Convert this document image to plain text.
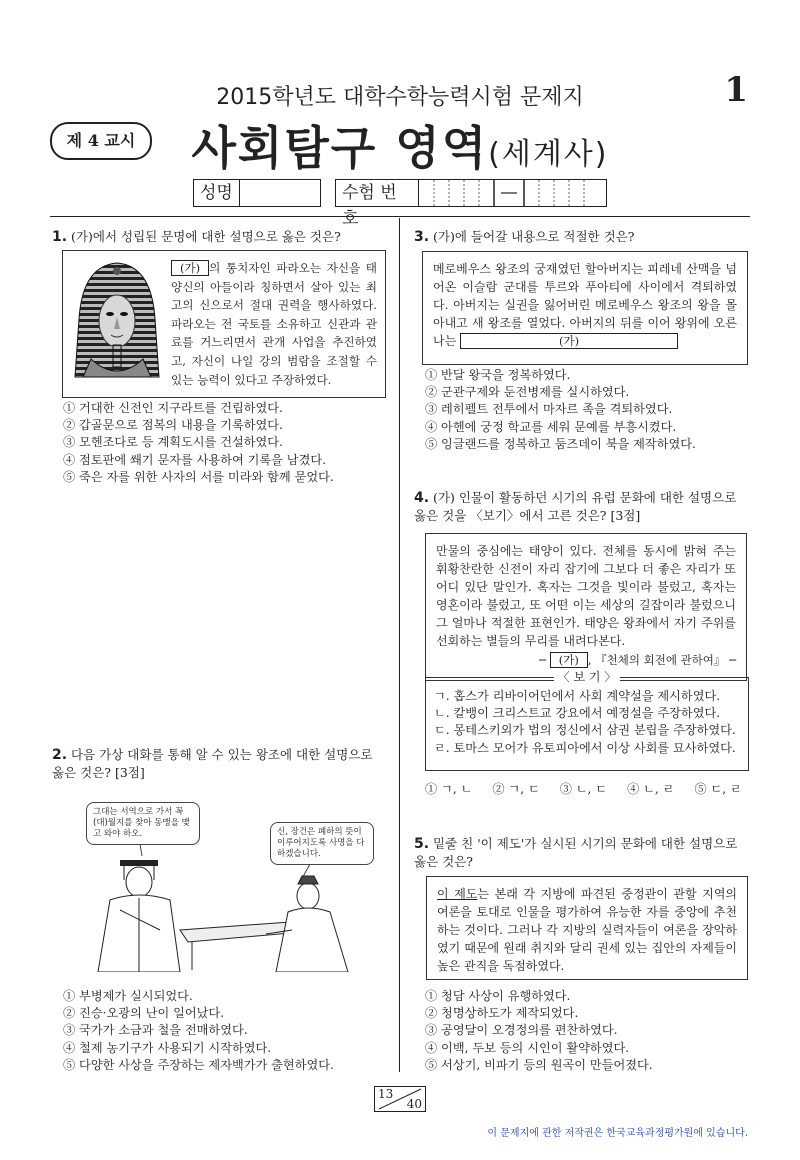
2015학년도 대학수학능력시험 문제지	1
제 4 교시	사회탐구 영역(세계사)
성명	수험 번호
1. (가)에서 성립된 문명에 대한 설명으로 옳은 것은?
(가) 의 통치자인 파라오는 자신을 태양신의 아들이라 칭하면서 살아 있는 최고의 신으로서 절대 권력을 행사하였다. 파라오는 전 국토를 소유하고 신관과 관료를 거느리면서 관개 사업을 추진하였고, 자신이 나일 강의 범람을 조절할 수 있는 능력이 있다고 주장하였다.
① 거대한 신전인 지구라트를 건립하였다.
② 갑골문으로 점복의 내용을 기록하였다.
③ 모헨조다로 등 계획도시를 건설하였다.
④ 점토판에 쐐기 문자를 사용하여 기록을 남겼다.
⑤ 죽은 자를 위한 사자의 서를 미라와 함께 묻었다.
2. 다음 가상 대화를 통해 알 수 있는 왕조에 대한 설명으로 옳은 것은? [3점]
그대는 서역으로 가서 꼭 (대)월지를 찾아 동맹을 맺고 와야 하오.	신, 장건은 폐하의 뜻이 이루어지도록 사명을 다하겠습니다.
① 부병제가 실시되었다.
② 진승·오광의 난이 일어났다.
③ 국가가 소금과 철을 전매하였다.
④ 철제 농기구가 사용되기 시작하였다.
⑤ 다양한 사상을 주장하는 제자백가가 출현하였다.
3. (가)에 들어갈 내용으로 적절한 것은?
메로베우스 왕조의 궁재였던 할아버지는 피레네 산맥을 넘어온 이슬람 군대를 투르와 푸아티에 사이에서 격퇴하였다. 아버지는 실권을 잃어버린 메로베우스 왕조의 왕을 몰아내고 새 왕조를 열었다. 아버지의 뒤를 이어 왕위에 오른 나는	(가)
① 반달 왕국을 정복하였다.
② 군관구제와 둔전병제를 실시하였다.
③ 레히펠트 전투에서 마자르 족을 격퇴하였다.
④ 아헨에 궁정 학교를 세워 문예를 부흥시켰다.
⑤ 잉글랜드를 정복하고 둠즈데이 북을 제작하였다.
4. (가) 인물이 활동하던 시기의 유럽 문화에 대한 설명으로 옳은 것을 〈보기〉에서 고른 것은? [3점]
만물의 중심에는 태양이 있다. 전체를 동시에 밝혀 주는 휘황찬란한 신전이 자리 잡기에 그보다 더 좋은 자리가 또 어디 있단 말인가. 혹자는 그것을 빛이라 불렀고, 혹자는 영혼이라 불렀고, 또 어떤 이는 세상의 길잡이라 불렀으니 그 얼마나 적절한 표현인가. 태양은 왕좌에서 자기 주위를 선회하는 별들의 무리를 내려다본다.
─ (가) , 『천체의 회전에 관하여』 ─
〈 보 기 〉
ㄱ. 홉스가 리바이어던에서 사회 계약설을 제시하였다.
ㄴ. 칼뱅이 크리스트교 강요에서 예정설을 주장하였다.
ㄷ. 몽테스키외가 법의 정신에서 삼권 분립을 주장하였다.
ㄹ. 토마스 모어가 유토피아에서 이상 사회를 묘사하였다.
① ㄱ, ㄴ ② ㄱ, ㄷ ③ ㄴ, ㄷ ④ ㄴ, ㄹ ⑤ ㄷ, ㄹ
5. 밑줄 친 '이 제도'가 실시된 시기의 문화에 대한 설명으로 옳은 것은?
이 제도는 본래 각 지방에 파견된 중정관이 관할 지역의 여론을 토대로 인물을 평가하여 유능한 자를 중앙에 추천하는 것이다. 그러나 각 지방의 실력자들이 여론을 장악하였기 때문에 원래 취지와 달리 권세 있는 집안의 자제들이 높은 관직을 독점하였다.
① 청담 사상이 유행하였다.
② 청명상하도가 제작되었다.
③ 공영달이 오경정의를 편찬하였다.
④ 이백, 두보 등의 시인이 활약하였다.
⑤ 서상기, 비파기 등의 원곡이 만들어졌다.
13
40
이 문제지에 관한 저작권은 한국교육과정평가원에 있습니다.
